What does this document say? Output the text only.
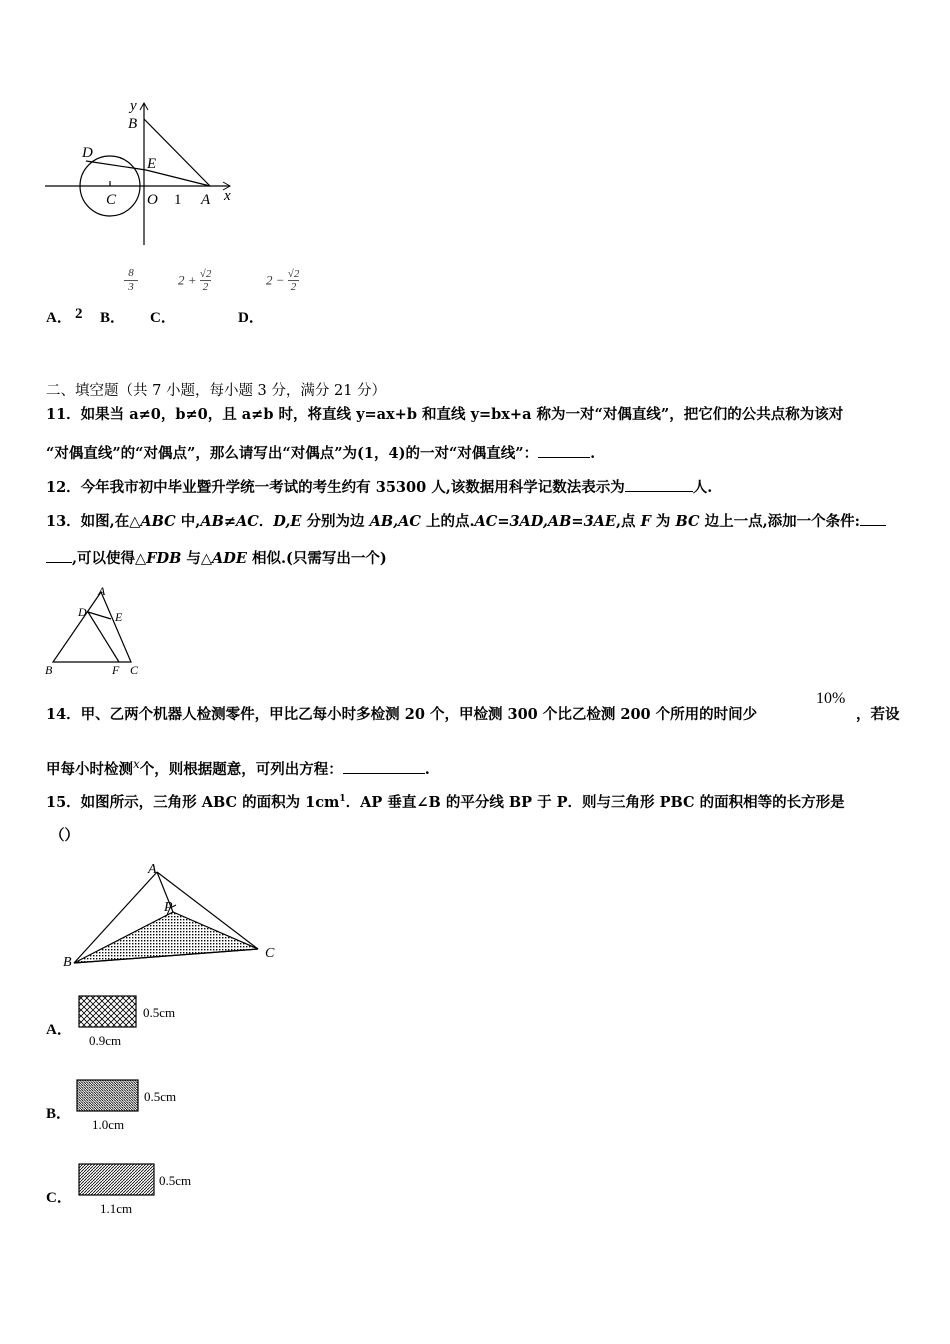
y
B
D
E
C O 1 A x
$\frac{8}{3}$	$2 + \frac{√2}{2}$	$2 - \frac{√2}{2}$
A． 2 B． C．	D．
二、填空题（共 7 小题，每小题 3 分，满分 21 分）
11．如果当 a≠0，b≠0，且 a≠b 时，将直线 y=ax+b 和直线 y=bx+a 称为一对“对偶直线”，把它们的公共点称为该对
“对偶直线”的“对偶点”，那么请写出“对偶点”为(1，4)的一对“对偶直线”：	.
12．今年我市初中毕业暨升学统一考试的考生约有 35300 人,该数据用科学记数法表示为	人.
13．如图,在△ABC 中,AB≠AC．D,E 分别为边 AB,AC 上的点.AC=3AD,AB=3AE,点 F 为 BC 边上一点,添加一个条件:
,可以使得△FDB 与△ADE 相似.(只需写出一个)
A
D E
B	F C
14．甲、乙两个机器人检测零件，甲比乙每小时多检测 20 个，甲检测 300 个比乙检测 200 个所用的时间少
10%
，若设
甲每小时检测$^x$个，则根据题意，可列出方程：	.
15．如图所示，三角形 ABC 的面积为 $1cm^1$．AP 垂直∠B 的平分线 BP 于 P．则与三角形 PBC 的面积相等的长方形是
（）
A
P
B
C
A．
0.5cm
0.9cm
B．
0.5cm
1.0cm
C．
0.5cm
1.1cm
